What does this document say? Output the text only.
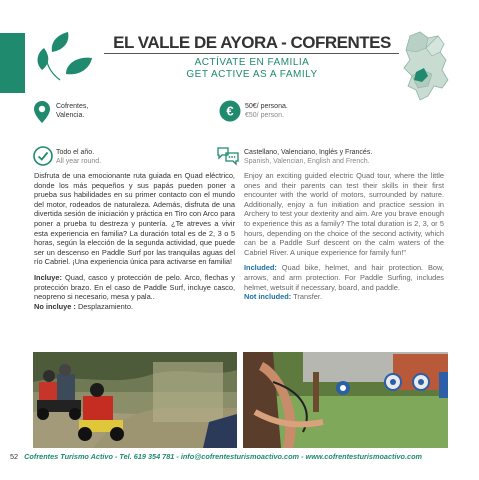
EL VALLE DE AYORA - COFRENTES
ACTÍVATE EN FAMILIA
GET ACTIVE AS A FAMILY
Cofrentes,
Valencia.	€ 50€/ persona.
€50/ person.
Todo el año.
All year round.
Castellano, Valenciano, Inglés y Francés.
Spanish, Valencian, English and French.

Disfruta de una emocionante ruta guiada en Quad eléctrico, donde los más pequeños y sus papás pueden poner a prueba sus habilidades en su primer contacto con el mundo del motor, rodeados de naturaleza. Además, disfruta de una divertida sesión de iniciación y práctica en Tiro con Arco para poner a prueba tu destreza y puntería. ¿Te atreves a vivir esta experiencia en familia? La duración total es de 2, 3 o 5 horas, según la elección de la segunda actividad, que puede ser un descenso en Paddle Surf por las tranquilas aguas del río Cabriel. ¡Una experiencia única para activarse en familia!

Incluye: Quad, casco y protección de pelo. Arco, flechas y protección brazo. En el caso de Paddle Surf, incluye casco, neopreno si necesario, mesa y pala..

No incluye : Desplazamiento.

Enjoy an exciting guided electric Quad tour, where the little ones and their parents can test their skills in their first encounter with the world of motors, surrounded by nature. Additionally, enjoy a fun initiation and practice session in Archery to test your dexterity and aim. Are you brave enough to experience this as a family? The total duration is 2, 3, or 5 hours, depending on the choice of the second activity, which can be a Paddle Surf descent on the calm waters of the Cabriel River. A unique experience for family fun!"

Included: Quad bike, helmet, and hair protection. Bow, arrows, and arm protection. For Paddle Surfing, includes helmet, wetsuit if necessary, board, and paddle.

Not included: Transfer.

52 Cofrentes Turismo Activo - Tel. 619 354 781 - info@cofrentesturismoactivo.com - www.cofrentesturismoactivo.com
